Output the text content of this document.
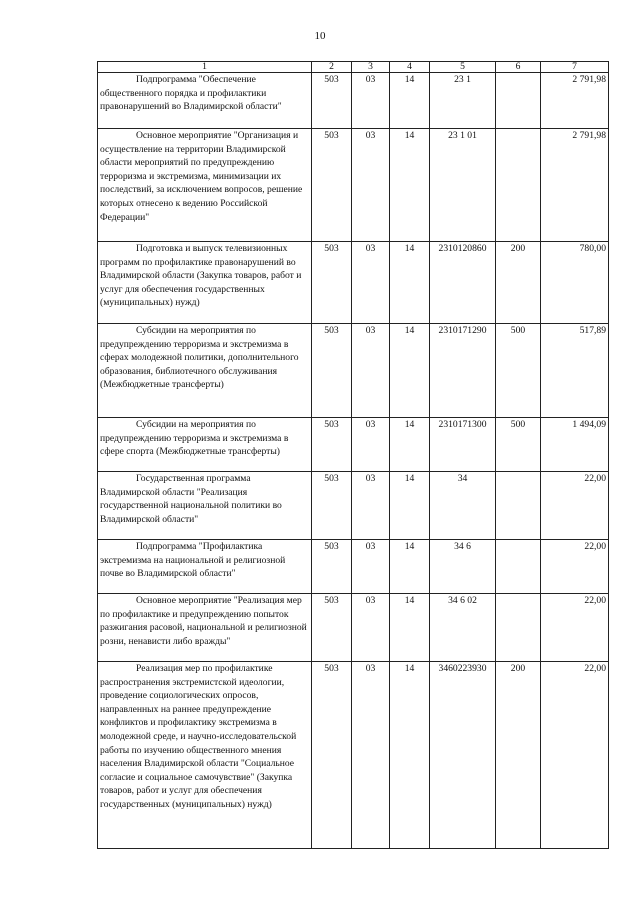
10
1	2	3	4	5	6	7

Подпрограмма "Обеспечение общественного порядка и профилактики правонарушений во Владимирской области"	503	03	14	23 1		2 791,98

Основное мероприятие "Организация и осуществление на территории Владимирской области мероприятий по предупреждению терроризма и экстремизма, минимизации их последствий, за исключением вопросов, решение которых отнесено к ведению Российской Федерации"	503	03	14	23 1 01		2 791,98

Подготовка и выпуск телевизионных программ по профилактике правонарушений во Владимирской области (Закупка товаров, работ и услуг для обеспечения государственных (муниципальных) нужд)	503	03	14	2310120860	200	780,00

Субсидии на мероприятия по предупреждению терроризма и экстремизма в сферах молодежной политики, дополнительного образования, библиотечного обслуживания (Межбюджетные трансферты)	503	03	14	2310171290	500	517,89

Субсидии на мероприятия по предупреждению терроризма и экстремизма в сфере спорта (Межбюджетные трансферты)	503	03	14	2310171300	500	1 494,09

Государственная программа Владимирской области "Реализация государственной национальной политики во Владимирской области"	503	03	14	34		22,00

Подпрограмма "Профилактика экстремизма на национальной и религиозной почве во Владимирской области"	503	03	14	34 6		22,00

Основное мероприятие "Реализация мер по профилактике и предупреждению попыток разжигания расовой, национальной и религиозной розни, ненависти либо вражды"	503	03	14	34 6 02		22,00

Реализация мер по профилактике распространения экстремистской идеологии, проведение социологических опросов, направленных на раннее предупреждение конфликтов и профилактику экстремизма в молодежной среде, и научно-исследовательской работы по изучению общественного мнения населения Владимирской области "Социальное согласие и социальное самочувствие" (Закупка товаров, работ и услуг для обеспечения государственных (муниципальных) нужд)	503	03	14	3460223930	200	22,00
